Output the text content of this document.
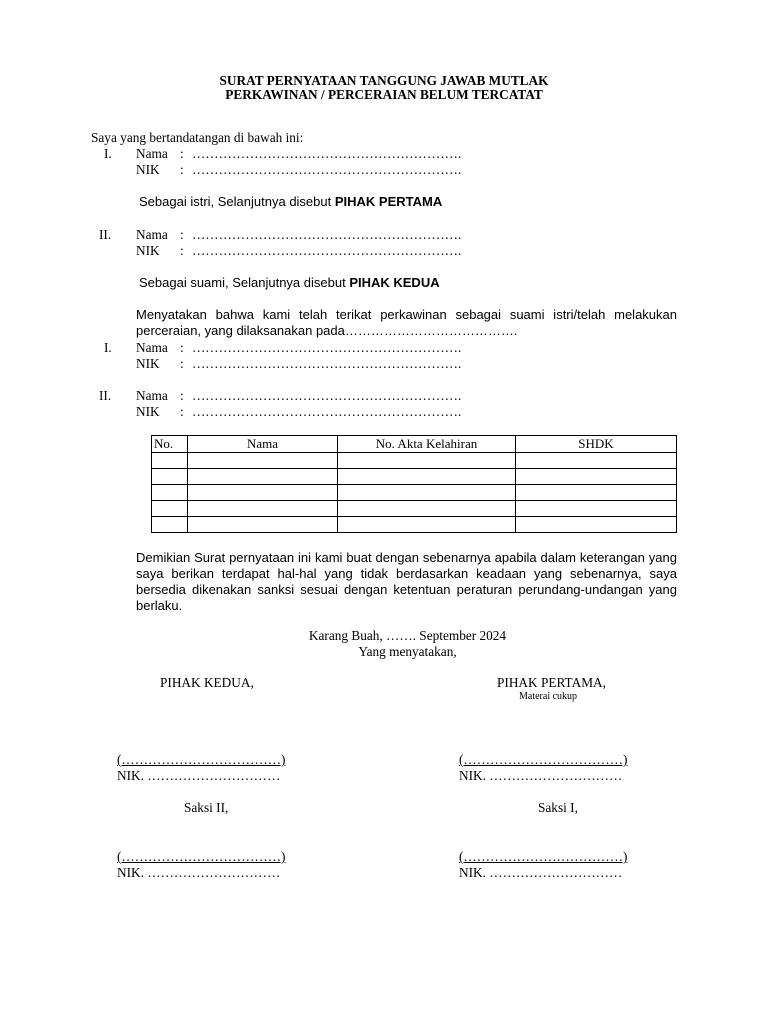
SURAT PERNYATAAN TANGGUNG JAWAB MUTLAK
PERKAWINAN / PERCERAIAN BELUM TERCATAT
Saya yang bertandatangan di bawah ini:
I. Nama : …………………………………………………….
NIK : …………………………………………………….
Sebagai istri, Selanjutnya disebut PIHAK PERTAMA
II. Nama : …………………………………………………….
NIK : …………………………………………………….
Sebagai suami, Selanjutnya disebut PIHAK KEDUA
Menyatakan bahwa kami telah terikat perkawinan sebagai suami istri/telah melakukan perceraian, yang dilaksanakan pada………………………………….
I. Nama : …………………………………………………….
NIK : …………………………………………………….
II. Nama : …………………………………………………….
NIK : …………………………………………………….
No.	Nama	No. Akta Kelahiran	SHDK

Demikian Surat pernyataan ini kami buat dengan sebenarnya apabila dalam keterangan yang saya berikan terdapat hal-hal yang tidak berdasarkan keadaan yang sebenarnya, saya bersedia dikenakan sanksi sesuai dengan ketentuan peraturan perundang-undangan yang berlaku.
Karang Buah, ……. September 2024
Yang menyatakan,
PIHAK KEDUA,	PIHAK PERTAMA,
Materai cukup
(………………………………)
NIK. …………………………
(………………………………)
NIK. …………………………
Saksi II,	Saksi I,
(………………………………)
NIK. …………………………
(………………………………)
NIK. …………………………
